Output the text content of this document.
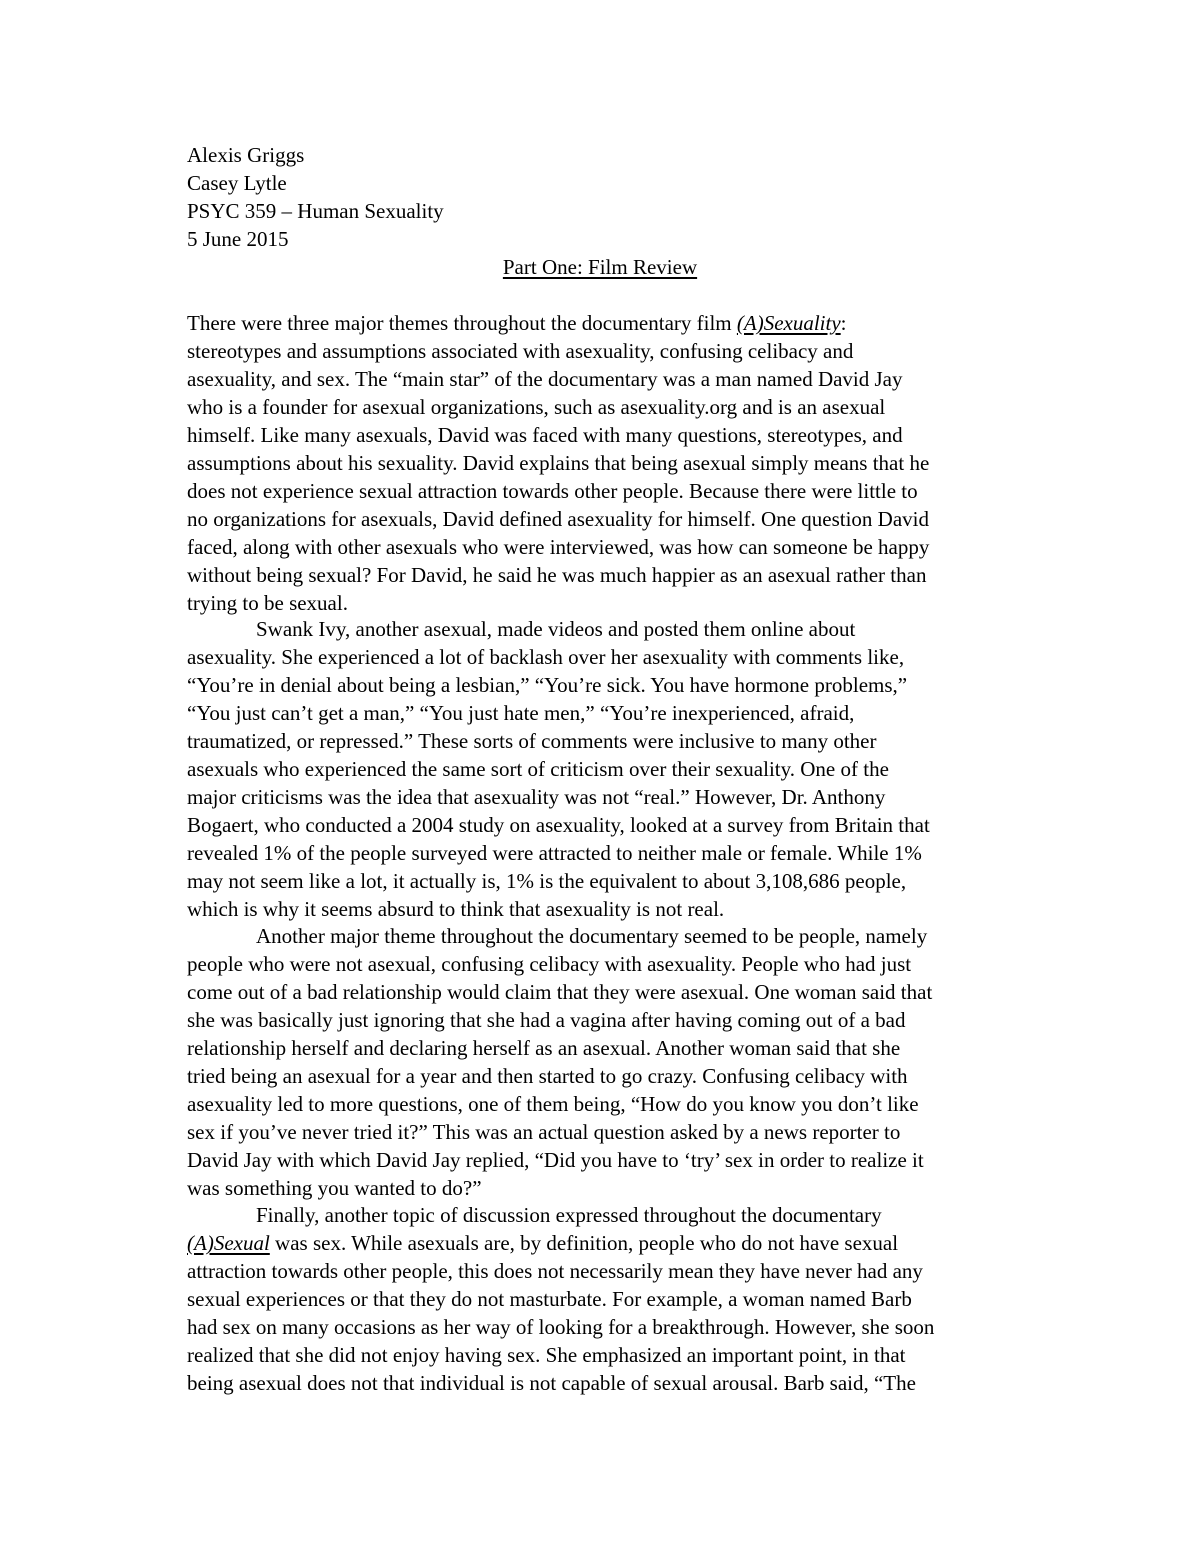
Alexis Griggs
Casey Lytle
PSYC 359 – Human Sexuality
5 June 2015
Part One: Film Review
There were three major themes throughout the documentary film (A)Sexuality:
stereotypes and assumptions associated with asexuality, confusing celibacy and
asexuality, and sex. The “main star” of the documentary was a man named David Jay
who is a founder for asexual organizations, such as asexuality.org and is an asexual
himself. Like many asexuals, David was faced with many questions, stereotypes, and
assumptions about his sexuality. David explains that being asexual simply means that he
does not experience sexual attraction towards other people. Because there were little to
no organizations for asexuals, David defined asexuality for himself. One question David
faced, along with other asexuals who were interviewed, was how can someone be happy
without being sexual? For David, he said he was much happier as an asexual rather than
trying to be sexual.
Swank Ivy, another asexual, made videos and posted them online about
asexuality. She experienced a lot of backlash over her asexuality with comments like,
“You’re in denial about being a lesbian,” “You’re sick. You have hormone problems,”
“You just can’t get a man,” “You just hate men,” “You’re inexperienced, afraid,
traumatized, or repressed.” These sorts of comments were inclusive to many other
asexuals who experienced the same sort of criticism over their sexuality. One of the
major criticisms was the idea that asexuality was not “real.” However, Dr. Anthony
Bogaert, who conducted a 2004 study on asexuality, looked at a survey from Britain that
revealed 1% of the people surveyed were attracted to neither male or female. While 1%
may not seem like a lot, it actually is, 1% is the equivalent to about 3,108,686 people,
which is why it seems absurd to think that asexuality is not real.
Another major theme throughout the documentary seemed to be people, namely
people who were not asexual, confusing celibacy with asexuality. People who had just
come out of a bad relationship would claim that they were asexual. One woman said that
she was basically just ignoring that she had a vagina after having coming out of a bad
relationship herself and declaring herself as an asexual. Another woman said that she
tried being an asexual for a year and then started to go crazy. Confusing celibacy with
asexuality led to more questions, one of them being, “How do you know you don’t like
sex if you’ve never tried it?” This was an actual question asked by a news reporter to
David Jay with which David Jay replied, “Did you have to ‘try’ sex in order to realize it
was something you wanted to do?”
Finally, another topic of discussion expressed throughout the documentary
(A)Sexual was sex. While asexuals are, by definition, people who do not have sexual
attraction towards other people, this does not necessarily mean they have never had any
sexual experiences or that they do not masturbate. For example, a woman named Barb
had sex on many occasions as her way of looking for a breakthrough. However, she soon
realized that she did not enjoy having sex. She emphasized an important point, in that
being asexual does not that individual is not capable of sexual arousal. Barb said, “The
